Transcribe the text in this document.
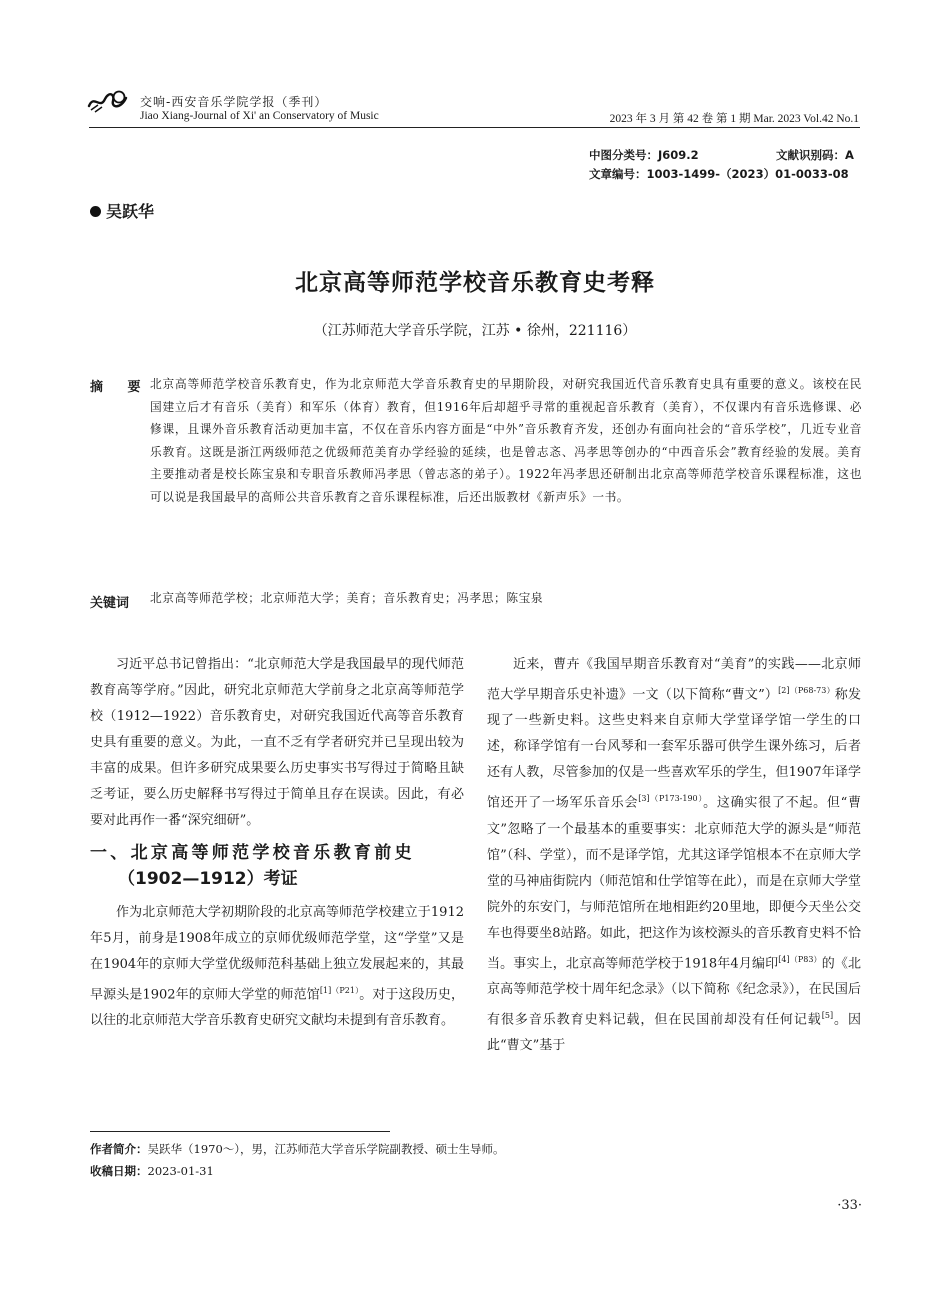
交响-西安音乐学院学报（季刊）
Jiao Xiang-Journal of Xi' an Conservatory of Music	2023 年 3 月 第 42 卷 第 1 期 Mar. 2023 Vol.42 No.1
中图分类号：J609.2	文献识别码：A
文章编号：1003-1499-（2023）01-0033-08
吴跃华
北京高等师范学校音乐教育史考释
（江苏师范大学音乐学院，江苏 • 徐州，221116）
摘 要 北京高等师范学校音乐教育史，作为北京师范大学音乐教育史的早期阶段，对研究我国近代音乐教育史具有重要的意义。该校在民国建立后才有音乐（美育）和军乐（体育）教育，但1916年后却超乎寻常的重视起音乐教育（美育），不仅课内有音乐选修课、必修课，且课外音乐教育活动更加丰富，不仅在音乐内容方面是“中外”音乐教育齐发，还创办有面向社会的“音乐学校”，几近专业音乐教育。这既是浙江两级师范之优级师范美育办学经验的延续，也是曾志忞、冯孝思等创办的“中西音乐会”教育经验的发展。美育主要推动者是校长陈宝泉和专职音乐教师冯孝思（曾志忞的弟子）。1922年冯孝思还研制出北京高等师范学校音乐课程标准，这也可以说是我国最早的高师公共音乐教育之音乐课程标准，后还出版教材《新声乐》一书。
关键词 北京高等师范学校；北京师范大学；美育；音乐教育史；冯孝思；陈宝泉

习近平总书记曾指出：“北京师范大学是我国最早的现代师范教育高等学府。”因此，研究北京师范大学前身之北京高等师范学校（1912—1922）音乐教育史，对研究我国近代高等音乐教育史具有重要的意义。为此，一直不乏有学者研究并已呈现出较为丰富的成果。但许多研究成果要么历史事实书写得过于简略且缺乏考证，要么历史解释书写得过于简单且存在误读。因此，有必要对此再作一番“深究细研”。

一、北京高等师范学校音乐教育前史
（1902—1912）考证

作为北京师范大学初期阶段的北京高等师范学校建立于1912年5月，前身是1908年成立的京师优级师范学堂，这“学堂”又是在1904年的京师大学堂优级师范科基础上独立发展起来的，其最早源头是1902年的京师大学堂的师范馆$^{[1](P21)}$。对于这段历史，以往的北京师范大学音乐教育史研究文献均未提到有音乐教育。

近来，曹卉《我国早期音乐教育对“美育”的实践——北京师范大学早期音乐史补遗》一文（以下简称“曹文”）$^{[2](P68-73)}$称发现了一些新史料。这些史料来自京师大学堂译学馆一学生的口述，称译学馆有一台风琴和一套军乐器可供学生课外练习，后者还有人教，尽管参加的仅是一些喜欢军乐的学生，但1907年译学馆还开了一场军乐音乐会$^{[3](P173-190)}$。这确实很了不起。但“曹文”忽略了一个最基本的重要事实：北京师范大学的源头是“师范馆”（科、学堂），而不是译学馆，尤其这译学馆根本不在京师大学堂的马神庙街院内（师范馆和仕学馆等在此），而是在京师大学堂院外的东安门，与师范馆所在地相距约20里地，即便今天坐公交车也得要坐8站路。如此，把这作为该校源头的音乐教育史料不恰当。事实上，北京高等师范学校于1918年4月编印$^{[4](P83)}$的《北京高等师范学校十周年纪念录》（以下简称《纪念录》），在民国后有很多音乐教育史料记载，但在民国前却没有任何记载[5]。因此“曹文”基于

作者简介：吴跃华（1970～），男，江苏师范大学音乐学院副教授、硕士生导师。
收稿日期：2023-01-31
·33·
